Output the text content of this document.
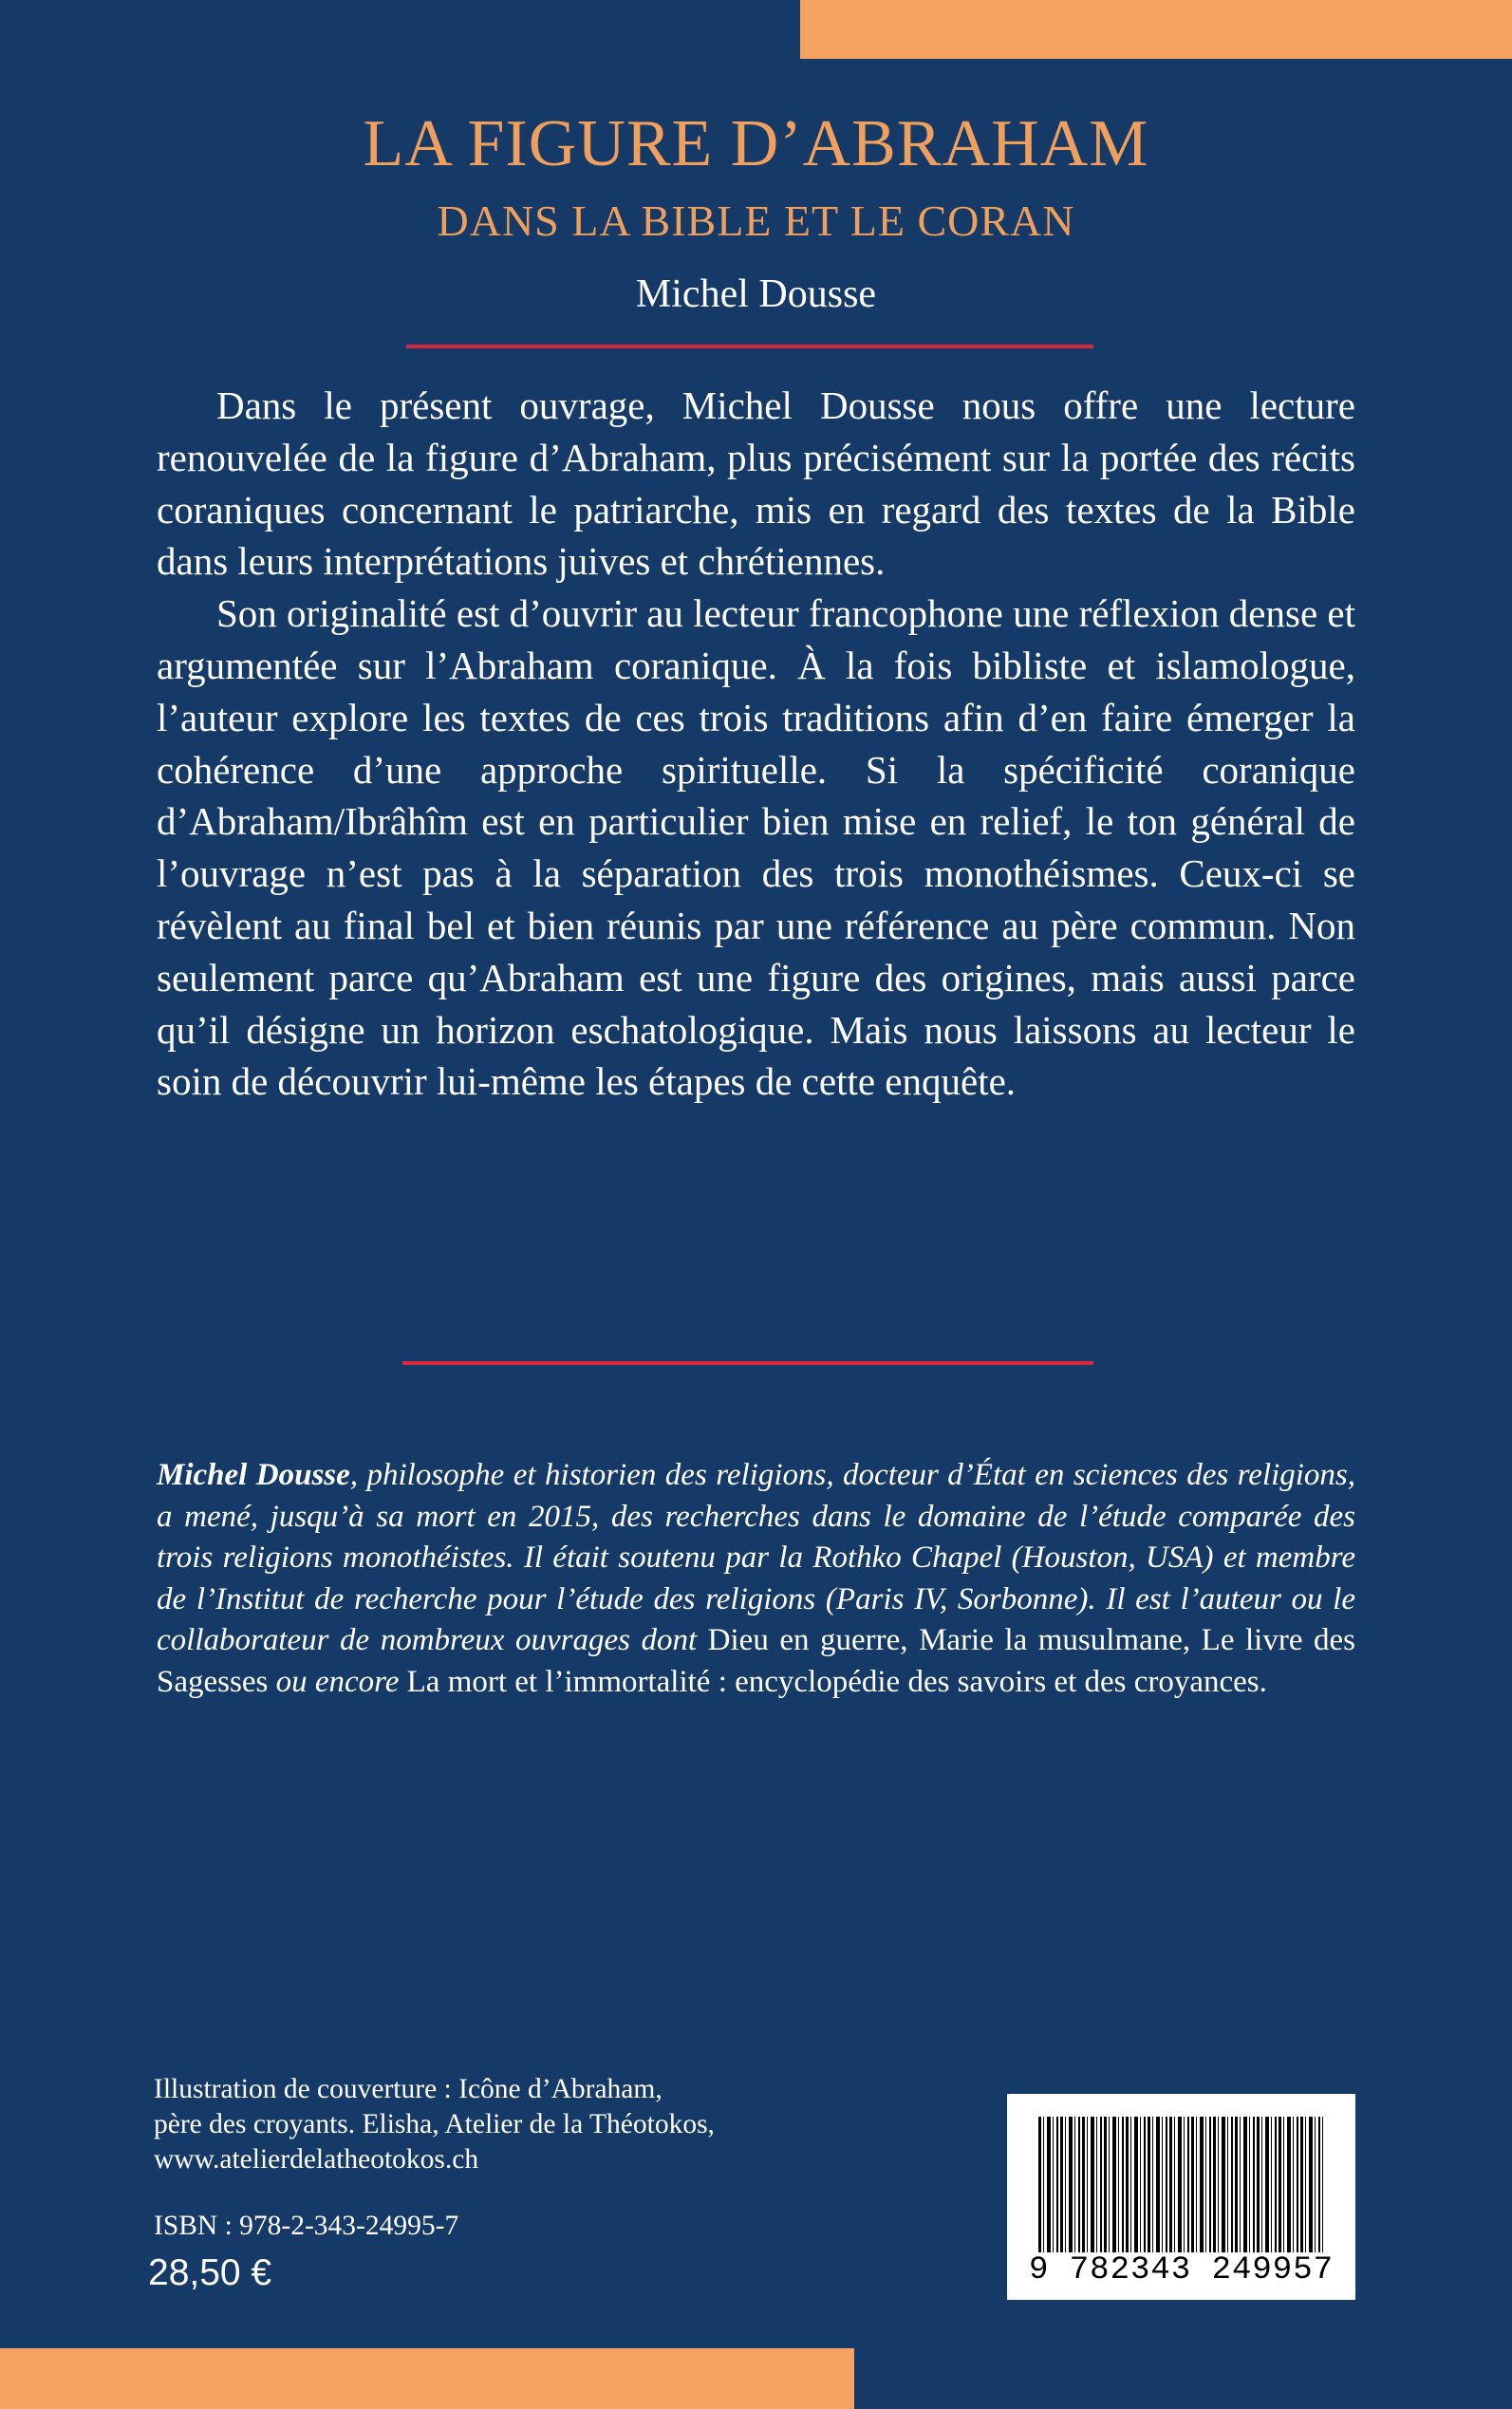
LA FIGURE D’ABRAHAM
DANS LA BIBLE ET LE CORAN
Michel Dousse

Dans le présent ouvrage, Michel Dousse nous offre une lecture renouvelée de la figure d’Abraham, plus précisément sur la portée des récits coraniques concernant le patriarche, mis en regard des textes de la Bible dans leurs interprétations juives et chrétiennes.

Son originalité est d’ouvrir au lecteur francophone une réflexion dense et argumentée sur l’Abraham coranique. À la fois bibliste et islamologue, l’auteur explore les textes de ces trois traditions afin d’en faire émerger la cohérence d’une approche spirituelle. Si la spécificité coranique d’Abraham/Ibrâhîm est en particulier bien mise en relief, le ton général de l’ouvrage n’est pas à la séparation des trois monothéismes. Ceux-ci se révèlent au final bel et bien réunis par une référence au père commun. Non seulement parce qu’Abraham est une figure des origines, mais aussi parce qu’il désigne un horizon eschatologique. Mais nous laissons au lecteur le soin de découvrir lui-même les étapes de cette enquête.

Michel Dousse, philosophe et historien des religions, docteur d’État en sciences des religions, a mené, jusqu’à sa mort en 2015, des recherches dans le domaine de l’étude comparée des trois religions monothéistes. Il était soutenu par la Rothko Chapel (Houston, USA) et membre de l’Institut de recherche pour l’étude des religions (Paris IV, Sorbonne). Il est l’auteur ou le collaborateur de nombreux ouvrages dont Dieu en guerre, Marie la musulmane, Le livre des Sagesses ou encore La mort et l’immortalité : encyclopédie des savoirs et des croyances.
Illustration de couverture : Icône d’Abraham,
père des croyants. Elisha, Atelier de la Théotokos,
www.atelierdelatheotokos.ch
ISBN : 978-2-343-24995-7
28,50 €	9 782343 249957
